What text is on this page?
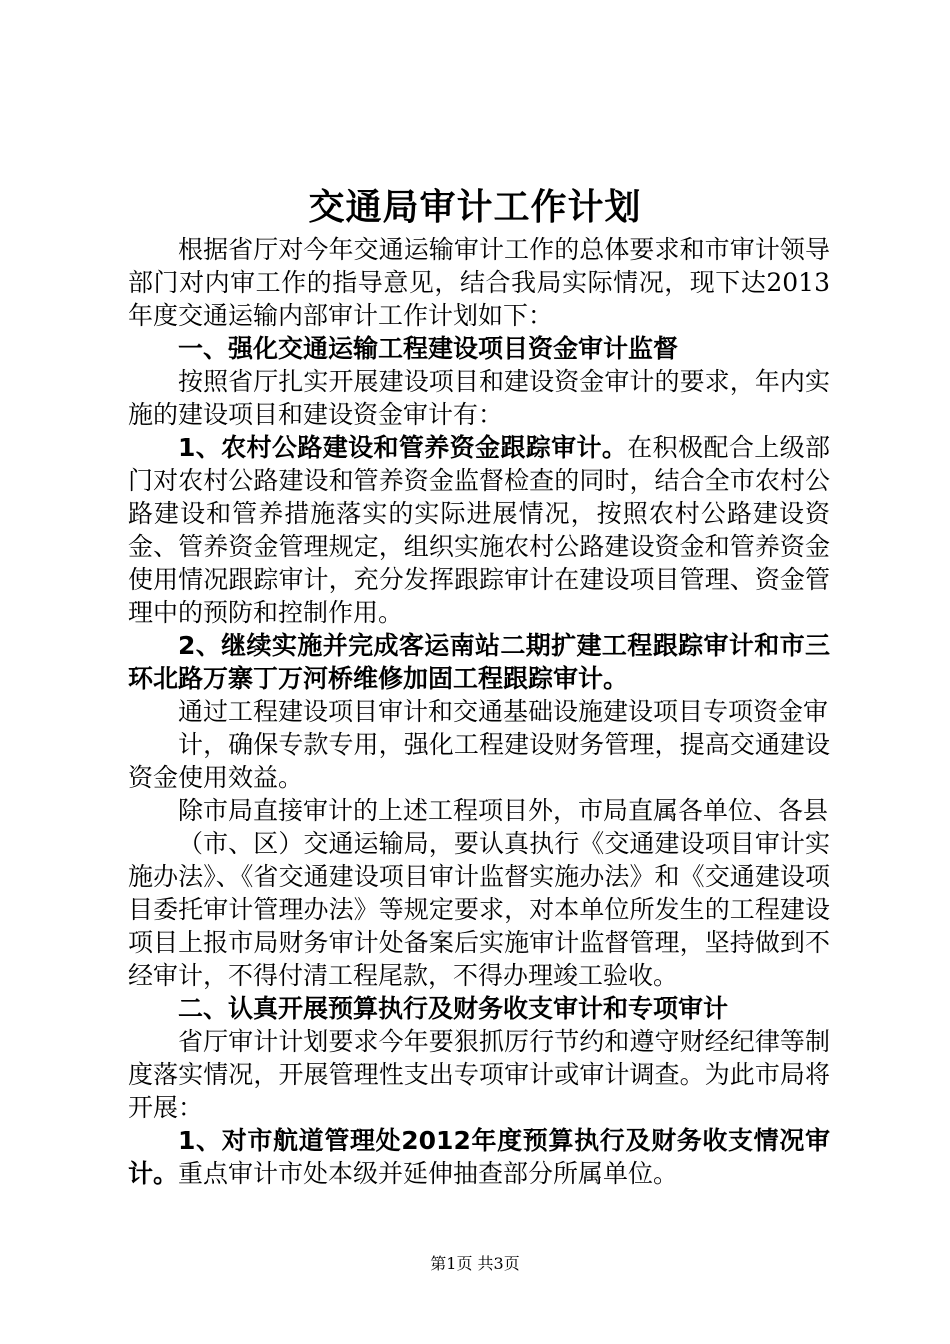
交通局审计工作计划

根据省厅对今年交通运输审计工作的总体要求和市审计领导部门对内审工作的指导意见，结合我局实际情况，现下达2013年度交通运输内部审计工作计划如下：

一、强化交通运输工程建设项目资金审计监督

按照省厅扎实开展建设项目和建设资金审计的要求，年内实施的建设项目和建设资金审计有：

1、农村公路建设和管养资金跟踪审计。在积极配合上级部门对农村公路建设和管养资金监督检查的同时，结合全市农村公路建设和管养措施落实的实际进展情况，按照农村公路建设资金、管养资金管理规定，组织实施农村公路建设资金和管养资金使用情况跟踪审计，充分发挥跟踪审计在建设项目管理、资金管理中的预防和控制作用。

2、继续实施并完成客运南站二期扩建工程跟踪审计和市三环北路万寨丁万河桥维修加固工程跟踪审计。

通过工程建设项目审计和交通基础设施建设项目专项资金审

计，确保专款专用，强化工程建设财务管理，提高交通建设资金使用效益。

除市局直接审计的上述工程项目外，市局直属各单位、各县

（市、区）交通运输局，要认真执行《交通建设项目审计实施办法》、《省交通建设项目审计监督实施办法》和《交通建设项目委托审计管理办法》等规定要求，对本单位所发生的工程建设项目上报市局财务审计处备案后实施审计监督管理，坚持做到不经审计，不得付清工程尾款，不得办理竣工验收。

二、认真开展预算执行及财务收支审计和专项审计

省厅审计计划要求今年要狠抓厉行节约和遵守财经纪律等制度落实情况，开展管理性支出专项审计或审计调查。为此市局将开展：

1、对市航道管理处2012年度预算执行及财务收支情况审计。重点审计市处本级并延伸抽查部分所属单位。

第1页 共3页
